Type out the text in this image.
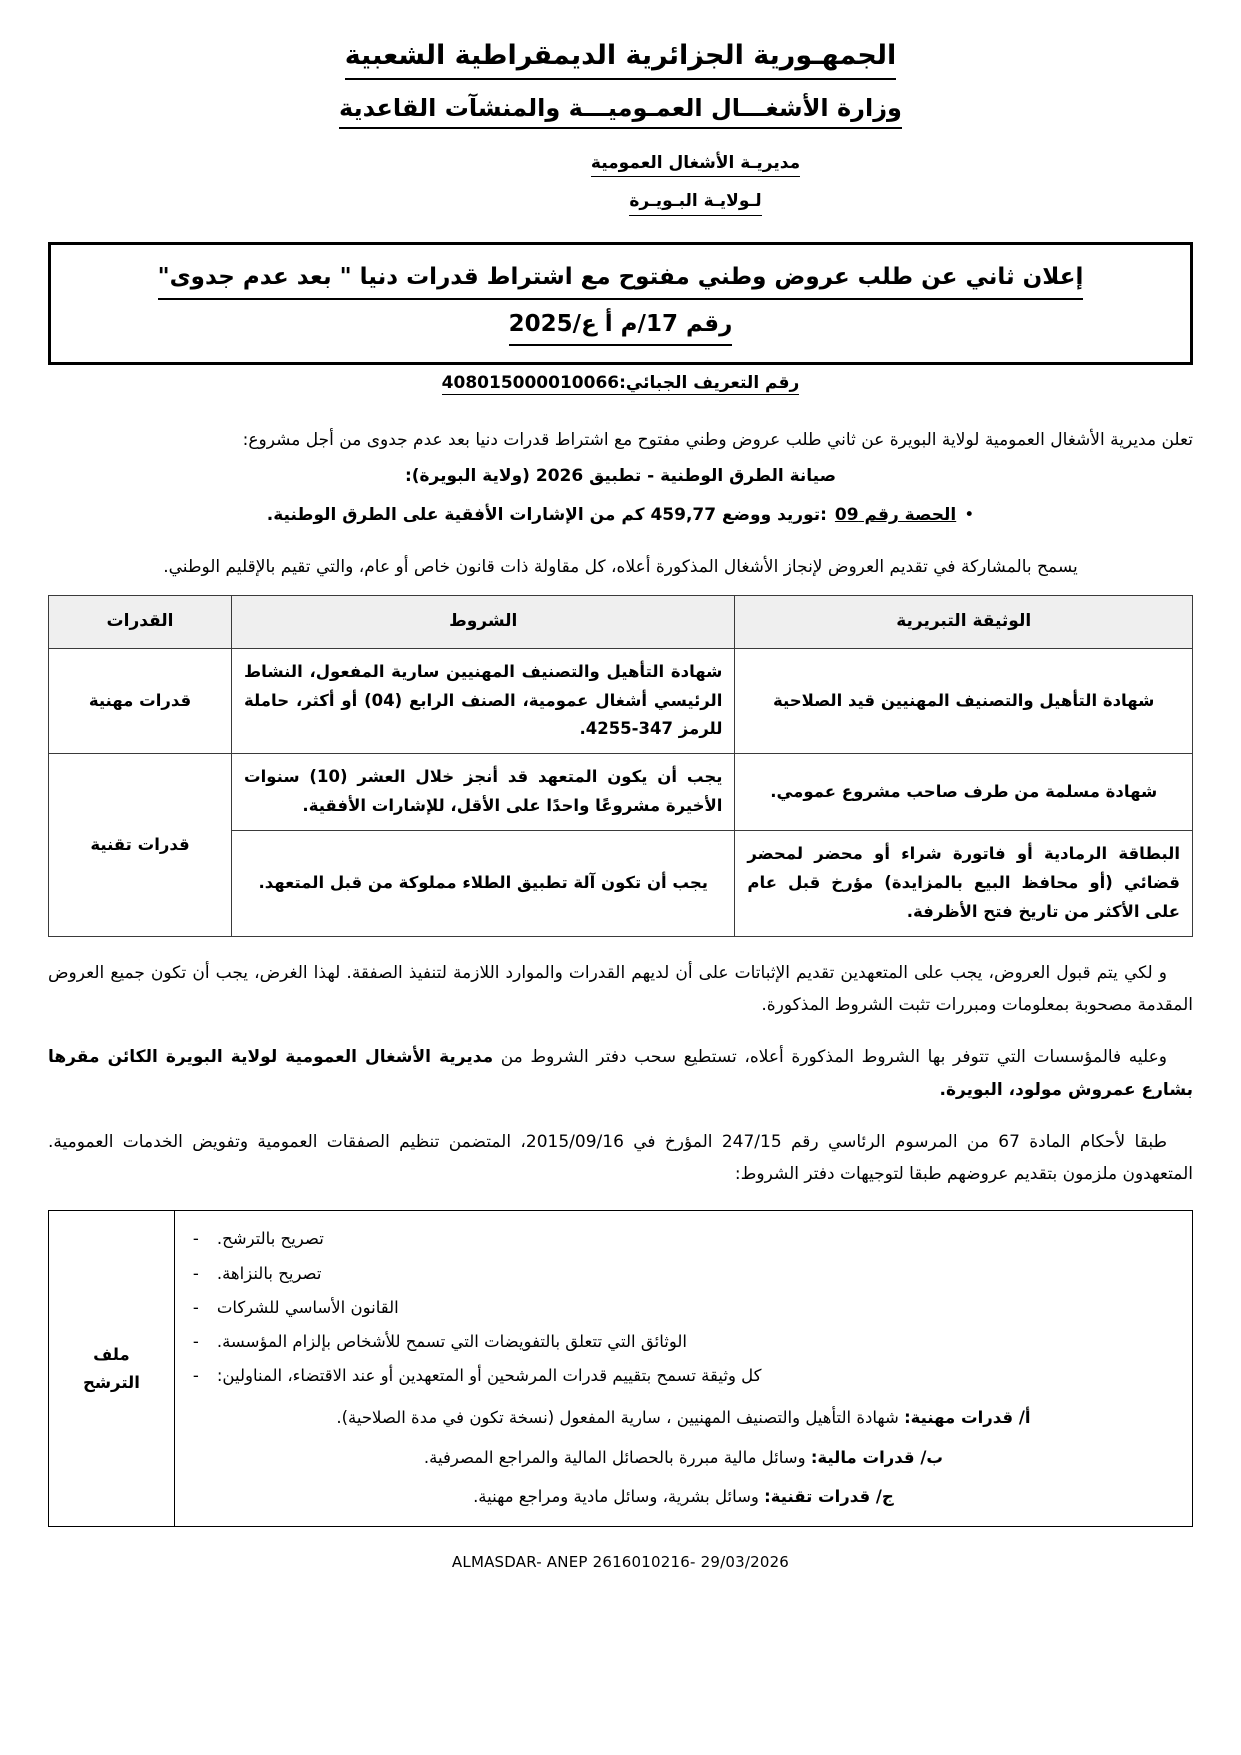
الجمهـورية الجزائرية الديمقراطية الشعبية
وزارة الأشغـــال العمـوميـــة والمنشآت القاعدية
مديريـة الأشغال العمومية
لـولايـة البـويـرة
إعلان ثاني عن طلب عروض وطني مفتوح مع اشتراط قدرات دنيا " بعد عدم جدوى"
رقم 17/م أ ع/2025
رقم التعريف الجبائي:408015000010066
تعلن مديرية الأشغال العمومية لولاية البويرة عن ثاني طلب عروض وطني مفتوح مع اشتراط قدرات دنيا بعد عدم جدوى من أجل مشروع:
صيانة الطرق الوطنية - تطبيق 2026 (ولاية البويرة):
•
الحصة رقم 09
:توريد ووضع 459,77 كم من الإشارات الأفقية على الطرق الوطنية.
يسمح بالمشاركة في تقديم العروض لإنجاز الأشغال المذكورة أعلاه، كل مقاولة ذات قانون خاص أو عام، والتي تقيم بالإقليم الوطني.
الوثيقة التبريرية	الشروط	القدرات
شهادة التأهيل والتصنيف المهنيين قيد الصلاحية	شهادة التأهيل والتصنيف المهنيين سارية المفعول، النشاط الرئيسي أشغال عمومية، الصنف الرابع (04) أو أكثر، حاملة للرمز 347-4255.	قدرات مهنية
شهادة مسلمة من طرف صاحب مشروع عمومي.	يجب أن يكون المتعهد قد أنجز خلال العشر (10) سنوات الأخيرة مشروعًا واحدًا على الأقل، للإشارات الأفقية.	قدرات تقنية
البطاقة الرمادية أو فاتورة شراء أو محضر لمحضر قضائي (أو محافظ البيع بالمزايدة) مؤرخ قبل عام على الأكثر من تاريخ فتح الأظرفة.	يجب أن تكون آلة تطبيق الطلاء مملوكة من قبل المتعهد.	
و لكي يتم قبول العروض، يجب على المتعهدين تقديم الإثباتات على أن لديهم القدرات والموارد اللازمة لتنفيذ الصفقة. لهذا الغرض، يجب أن تكون جميع العروض المقدمة مصحوبة بمعلومات ومبررات تثبت الشروط المذكورة.
وعليه فالمؤسسات التي تتوفر بها الشروط المذكورة أعلاه، تستطيع سحب دفتر الشروط من مديرية الأشغال العمومية لولاية البويرة الكائن مقرها بشارع عمروش مولود، البويرة.
طبقا لأحكام المادة 67 من المرسوم الرئاسي رقم 247/15 المؤرخ في 2015/09/16، المتضمن تنظيم الصفقات العمومية وتفويض الخدمات العمومية. المتعهدون ملزمون بتقديم عروضهم طبقا لتوجيهات دفتر الشروط:
تصريح بالترشح.
-
تصريح بالنزاهة.
-
القانون الأساسي للشركات
-
الوثائق التي تتعلق بالتفويضات التي تسمح للأشخاص بإلزام المؤسسة.
-
كل وثيقة تسمح بتقييم قدرات المرشحين أو المتعهدين أو عند الاقتضاء، المناولين:
-
أ/ قدرات مهنية: شهادة التأهيل والتصنيف المهنيين ، سارية المفعول (نسخة تكون في مدة الصلاحية).
ب/ قدرات مالية: وسائل مالية مبررة بالحصائل المالية والمراجع المصرفية.
ج/ قدرات تقنية: وسائل بشرية، وسائل مادية ومراجع مهنية.

ملف
الترشح
ALMASDAR- ANEP 2616010216- 29/03/2026
